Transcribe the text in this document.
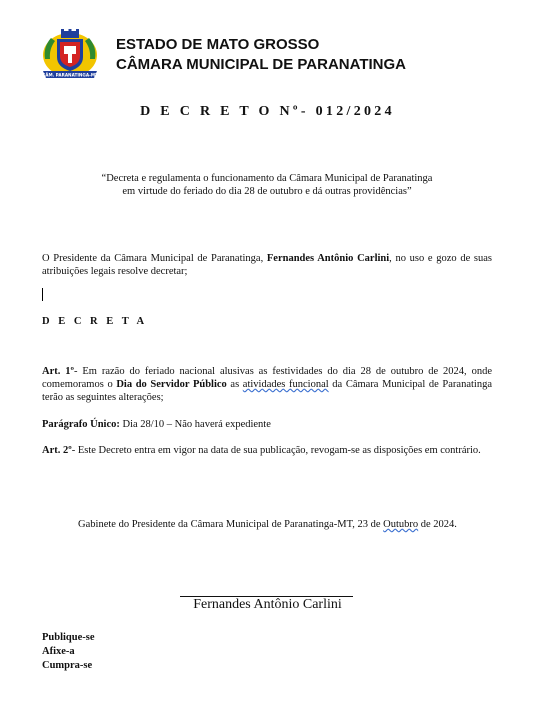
CÂM. PARANATINGA-MT
ESTADO DE MATO GROSSO
CÂMARA MUNICIPAL DE PARANATINGA
D E C R E T O Nº- 012/2024
“Decreta e regulamenta o funcionamento da Câmara Municipal de Paranatinga
em virtude do feriado do dia 28 de outubro e dá outras providências”
O Presidente da Câmara Municipal de Paranatinga, Fernandes Antônio Carlini, no uso e gozo de suas atribuições legais resolve decretar;
D E C R E T A
Art. 1º- Em razão do feriado nacional alusivas as festividades do dia 28 de outubro de 2024, onde comemoramos o Dia do Servidor Público as atividades funcional da Câmara Municipal de Paranatinga terão as seguintes alterações;
Parágrafo Único: Dia 28/10 – Não haverá expediente
Art. 2º- Este Decreto entra em vigor na data de sua publicação, revogam-se as disposições em contrário.
Gabinete do Presidente da Câmara Municipal de Paranatinga-MT, 23 de Outubro de 2024.
Fernandes Antônio Carlini
Publique-se
Afixe-a
Cumpra-se
